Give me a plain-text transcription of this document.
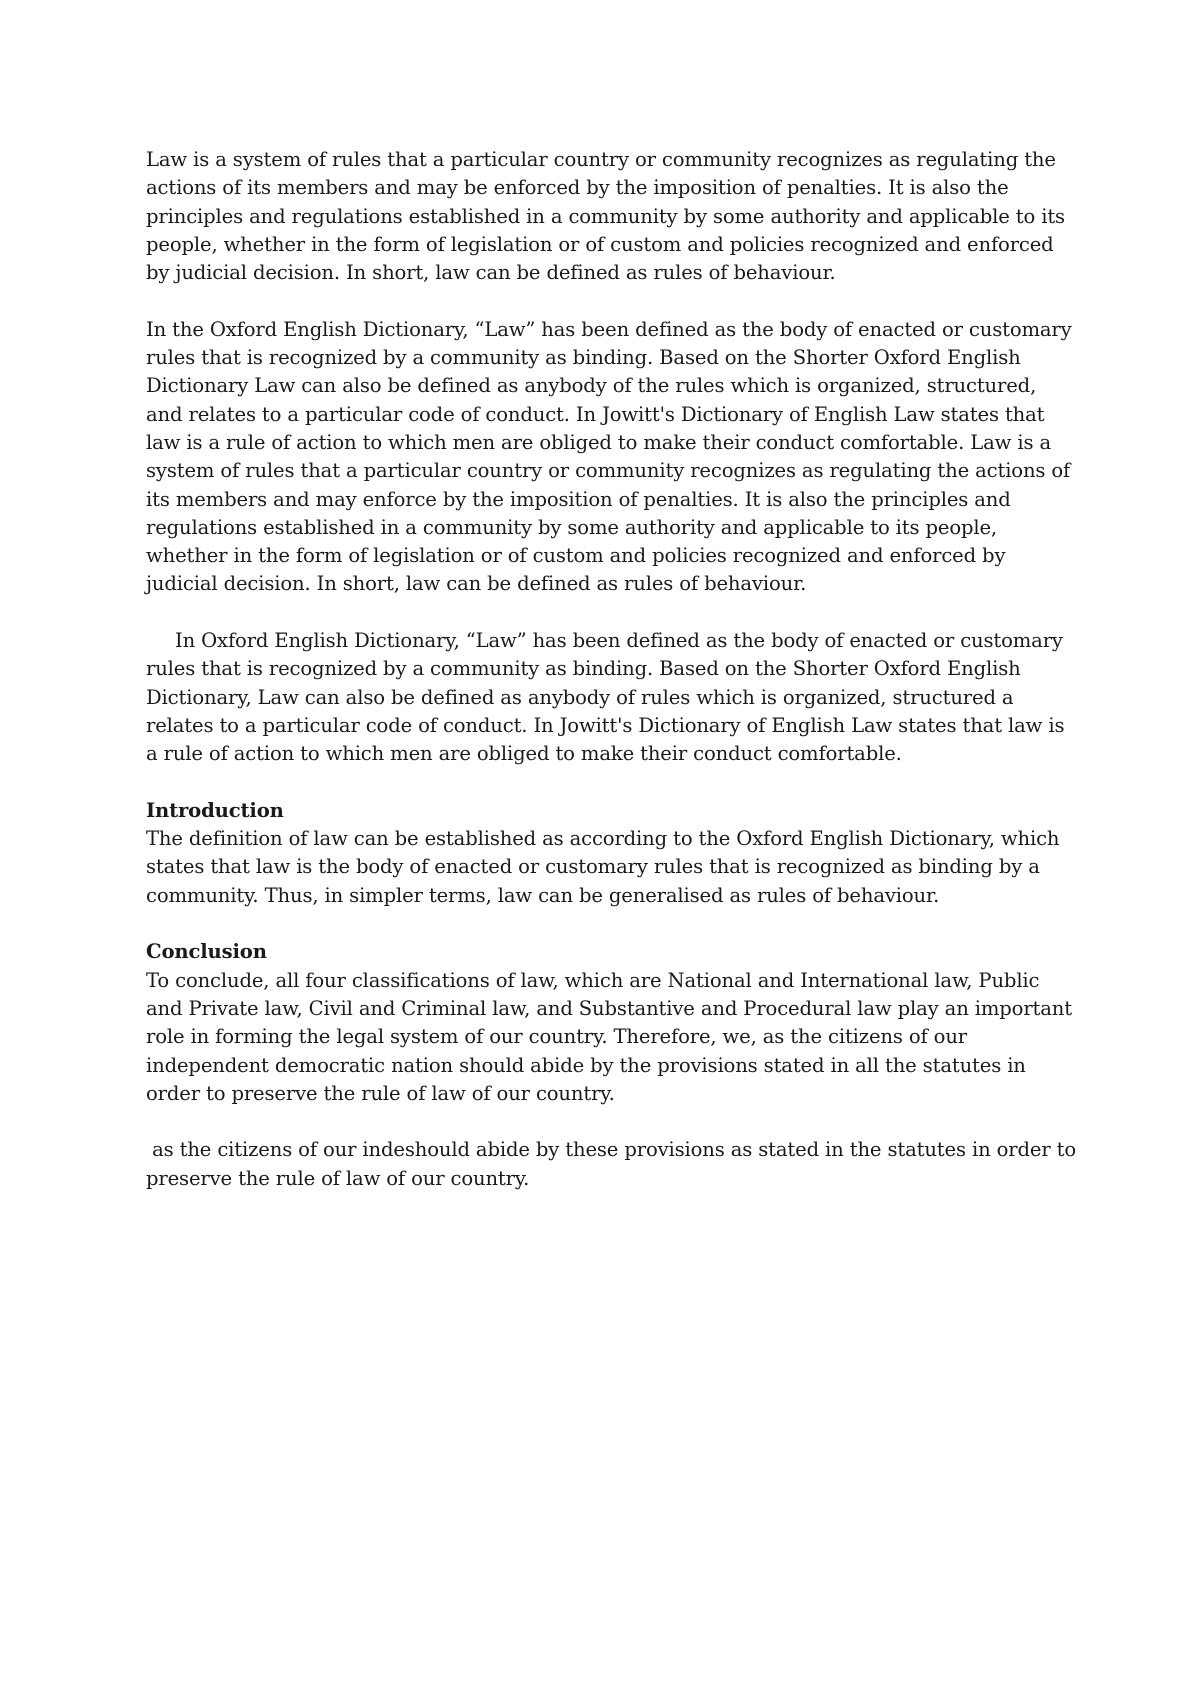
Law is a system of rules that a particular country or community recognizes as regulating the actions of its members and may be enforced by the imposition of penalties. It is also the principles and regulations established in a community by some authority and applicable to its people, whether in the form of legislation or of custom and policies recognized and enforced by judicial decision. In short, law can be defined as rules of behaviour.

In the Oxford English Dictionary, “Law” has been defined as the body of enacted or customary rules that is recognized by a community as binding. Based on the Shorter Oxford English Dictionary Law can also be defined as anybody of the rules which is organized, structured, and relates to a particular code of conduct. In Jowitt's Dictionary of English Law states that law is a rule of action to which men are obliged to make their conduct comfortable. Law is a system of rules that a particular country or community recognizes as regulating the actions of its members and may enforce by the imposition of penalties. It is also the principles and regulations established in a community by some authority and applicable to its people, whether in the form of legislation or of custom and policies recognized and enforced by judicial decision. In short, law can be defined as rules of behaviour.

In Oxford English Dictionary, “Law” has been defined as the body of enacted or customary rules that is recognized by a community as binding. Based on the Shorter Oxford English Dictionary, Law can also be defined as anybody of rules which is organized, structured a relates to a particular code of conduct. In Jowitt's Dictionary of English Law states that law is a rule of action to which men are obliged to make their conduct comfortable.

Introduction

The definition of law can be established as according to the Oxford English Dictionary, which states that law is the body of enacted or customary rules that is recognized as binding by a community. Thus, in simpler terms, law can be generalised as rules of behaviour.

Conclusion

To conclude, all four classifications of law, which are National and International law, Public and Private law, Civil and Criminal law, and Substantive and Procedural law play an important role in forming the legal system of our country. Therefore, we, as the citizens of our independent democratic nation should abide by the provisions stated in all the statutes in order to preserve the rule of law of our country.

as the citizens of our indeshould abide by these provisions as stated in the statutes in order to preserve the rule of law of our country.
